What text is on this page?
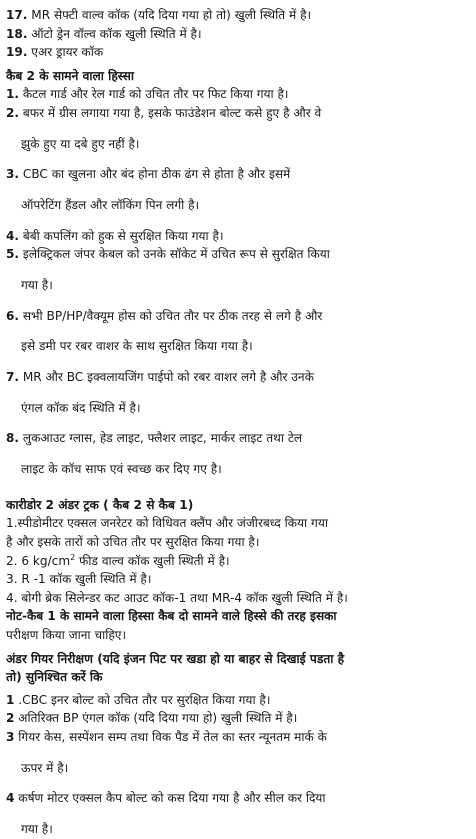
17. MR सेफ्टी वाल्व कॉक (यदि दिया गया हो तो) खुली स्थिति में है।

18. ऑटो ड्रेन वॉल्व कॉक खुली स्थिति में है।

19. एअर ड्रायर कॉक

कैब 2 के सामने वाला हिस्सा

1. कैटल गार्ड और रेल गार्ड को उचित तौर पर फिट किया गया है।

2. बफर में ग्रीस लगाया गया है, इसके फाउंडेशन बोल्ट कसे हुए है और वे

झुके हुए या दबे हुए नहीं है।

3. CBC का खुलना और बंद होना ठीक ढंग से होता है और इसमें

ऑपरेटिंग हैंडल और लॉकिंग पिन लगी है।

4. बेबी कपलिंग को हुक से सुरक्षित किया गया है।

5. इलेक्ट्रिकल जंपर केबल को उनके सॉकेट में उचित रूप से सुरक्षित किया

गया है।

6. सभी BP/HP/वैक्यूम होस को उचित तौर पर ठीक तरह से लगे है और

इसे डमी पर रबर वाशर के साथ सुरक्षित किया गया है।

7. MR और BC इक्वलायजिंग पाईपो को रबर वाशर लगे है और उनके

एंगल कॉक बंद स्थिति में है।

8. लुकआउट ग्लास, हेड लाइट, फ्लैशर लाइट, मार्कर लाइट तथा टेल

लाइट के कॉच साफ एवं स्वच्छ कर दिए गए है।

कारीडोर 2 अंडर ट्रक ( कैब 2 से कैब 1)

1.स्पीडोमीटर एक्सल जनरेटर को विधिवत क्लैंप और जंजीरबध्द किया गया

है और इसके तारों को उचित तौर पर सुरक्षित किया गया है।

2. 6 $kg/cm^2$ फीड वाल्व कॉक खुली स्थिती में है।

3. R -1 कॉक खुली स्थिति में है।

4. बोगी ब्रेक सिलेन्डर कट आउट कॉक-1 तथा MR-4 कॉक खुली स्थिति में है।

नोट-कैब 1 के सामने वाला हिस्सा कैब दो सामने वाले हिस्से की तरह इसका

परीक्षण किया जाना चाहिए।

अंडर गियर निरीक्षण (यदि इंजन पिट पर खडा हो या बाहर से दिखाई पडता है

तो) सुनिश्चित करें कि

1 .CBC इनर बोल्ट को उचित तौर पर सुरक्षित किया गया है।

2 अतिरिक्त BP एंगल कॉक (यदि दिया गया हो) खुली स्थिति में है।

3 गियर केस, सस्पेंशन सम्प तथा विक पैड में तेल का स्तर न्यूनतम मार्क के

ऊपर में है।

4 कर्षण मोटर एक्सल कैप बोल्ट को कस दिया गया है और सील कर दिया

गया है।
